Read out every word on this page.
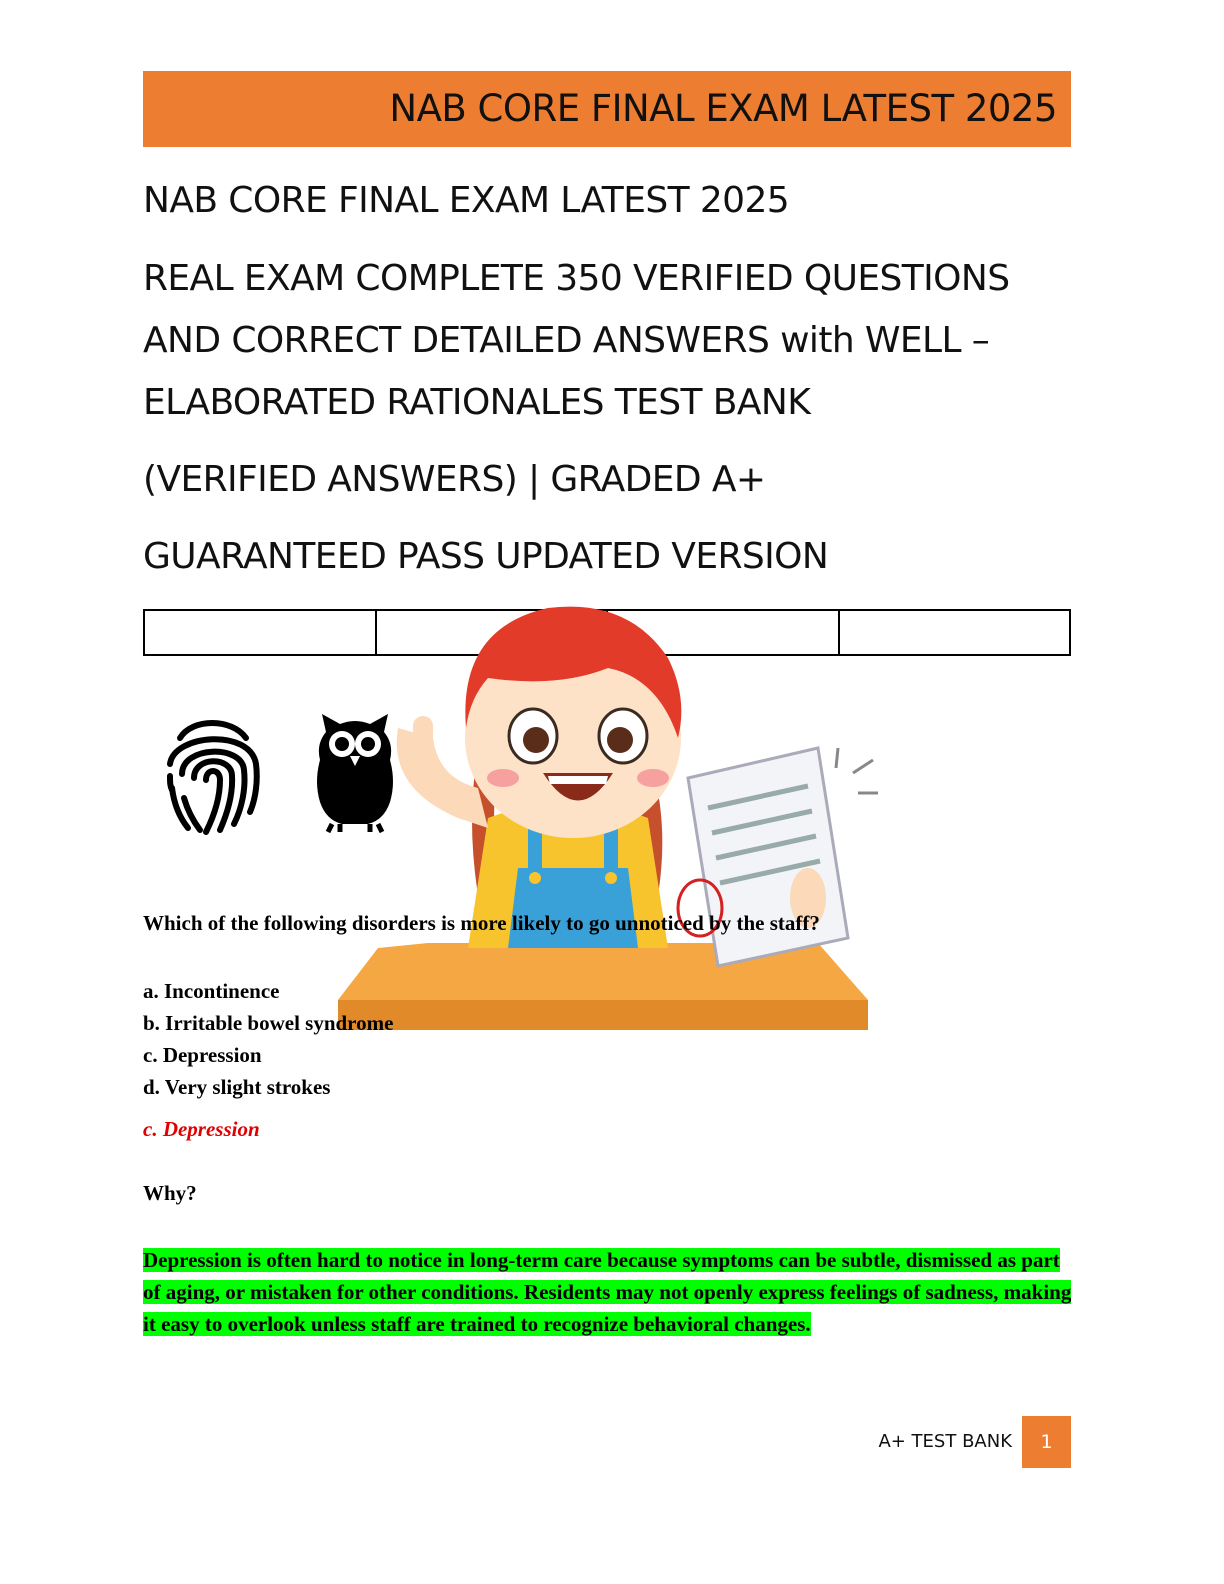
NAB CORE FINAL EXAM LATEST 2025
NAB CORE FINAL EXAM LATEST 2025
REAL EXAM COMPLETE 350 VERIFIED QUESTIONS
AND CORRECT DETAILED ANSWERS with WELL –
ELABORATED RATIONALES TEST BANK
(VERIFIED ANSWERS) | GRADED A+
GUARANTEED PASS UPDATED VERSION

Which of the following disorders is more likely to go unnoticed by the staff?
a. Incontinence
b. Irritable bowel syndrome
c. Depression
d. Very slight strokes
c. Depression
Why?
Depression is often hard to notice in long-term care because symptoms can be subtle, dismissed as part of aging, or mistaken for other conditions. Residents may not openly express feelings of sadness, making it easy to overlook unless staff are trained to recognize behavioral changes.
A+ TEST BANK	1
